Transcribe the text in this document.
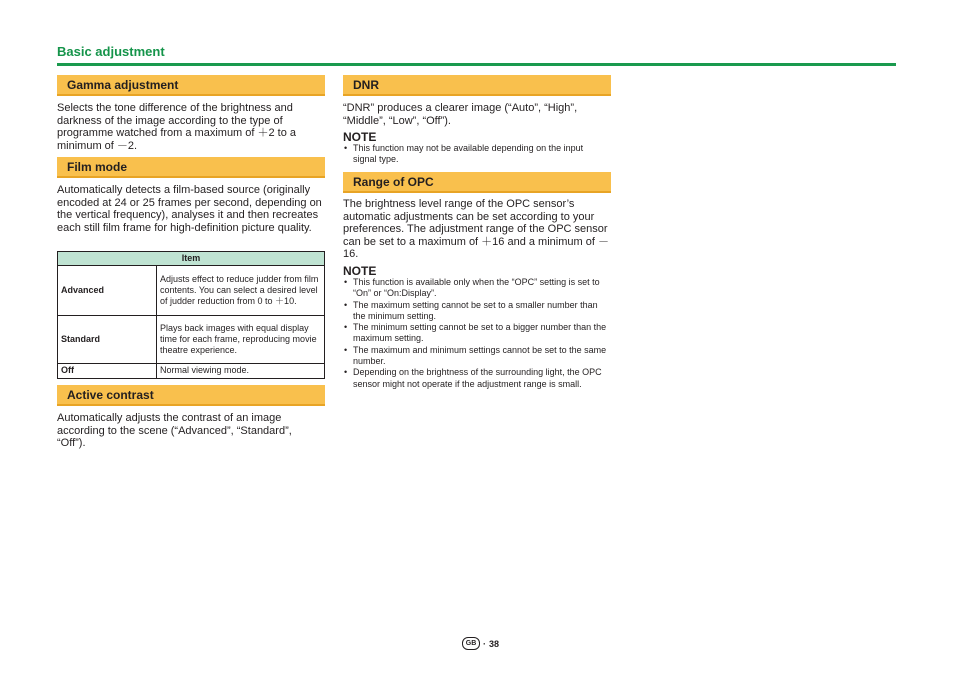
Basic adjustment
Gamma adjustment
Selects the tone difference of the brightness and darkness of the image according to the type of programme watched from a maximum of ＋2 to a minimum of －2.
Film mode
Automatically detects a film-based source (originally encoded at 24 or 25 frames per second, depending on the vertical frequency), analyses it and then recreates each still film frame for high-definition picture quality.
Item	
Advanced	Adjusts effect to reduce judder from film contents. You can select a desired level of judder reduction from 0 to ＋10.
Standard	Plays back images with equal display time for each frame, reproducing movie theatre experience.
Off	Normal viewing mode.
Active contrast
Automatically adjusts the contrast of an image according to the scene (“Advanced”, “Standard”, “Off”).
DNR
“DNR” produces a clearer image (“Auto”, “High”, “Middle”, “Low”, “Off”).
NOTE
• This function may not be available depending on the input signal type.
Range of OPC
The brightness level range of the OPC sensor’s automatic adjustments can be set according to your preferences. The adjustment range of the OPC sensor can be set to a maximum of ＋16 and a minimum of －16.
NOTE
• This function is available only when the “OPC” setting is set to “On” or “On:Display”.
• The maximum setting cannot be set to a smaller number than the minimum setting.
• The minimum setting cannot be set to a bigger number than the maximum setting.
• The maximum and minimum settings cannot be set to the same number.
• Depending on the brightness of the surrounding light, the OPC sensor might not operate if the adjustment range is small.
GB · 38
